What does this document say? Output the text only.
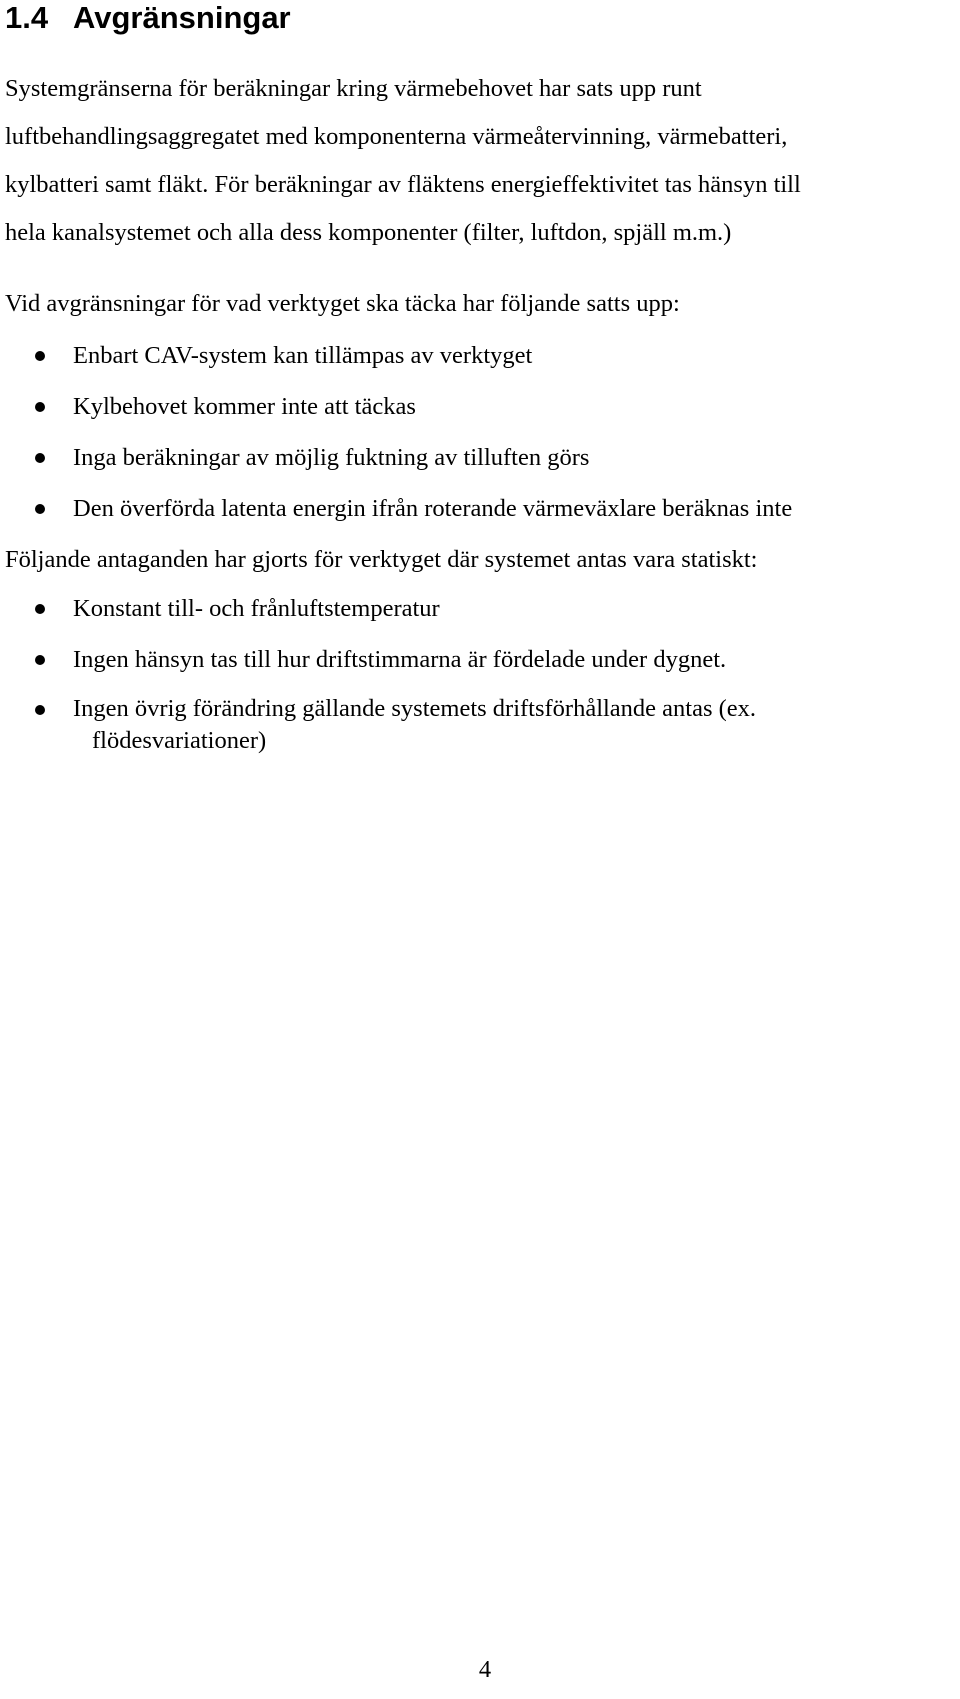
1.4 Avgränsningar

Systemgränserna för beräkningar kring värmebehovet har sats upp runt
luftbehandlingsaggregatet med komponenterna värmeåtervinning, värmebatteri,
kylbatteri samt fläkt. För beräkningar av fläktens energieffektivitet tas hänsyn till
hela kanalsystemet och alla dess komponenter (filter, luftdon, spjäll m.m.)

Vid avgränsningar för vad verktyget ska täcka har följande satts upp:

Enbart CAV-system kan tillämpas av verktyget
Kylbehovet kommer inte att täckas
Inga beräkningar av möjlig fuktning av tilluften görs
Den överförda latenta energin ifrån roterande värmeväxlare beräknas inte

Följande antaganden har gjorts för verktyget där systemet antas vara statiskt:

Konstant till- och frånluftstemperatur
Ingen hänsyn tas till hur driftstimmarna är fördelade under dygnet.
Ingen övrig förändring gällande systemets driftsförhållande antas (ex.
flödesvariationer)
4
